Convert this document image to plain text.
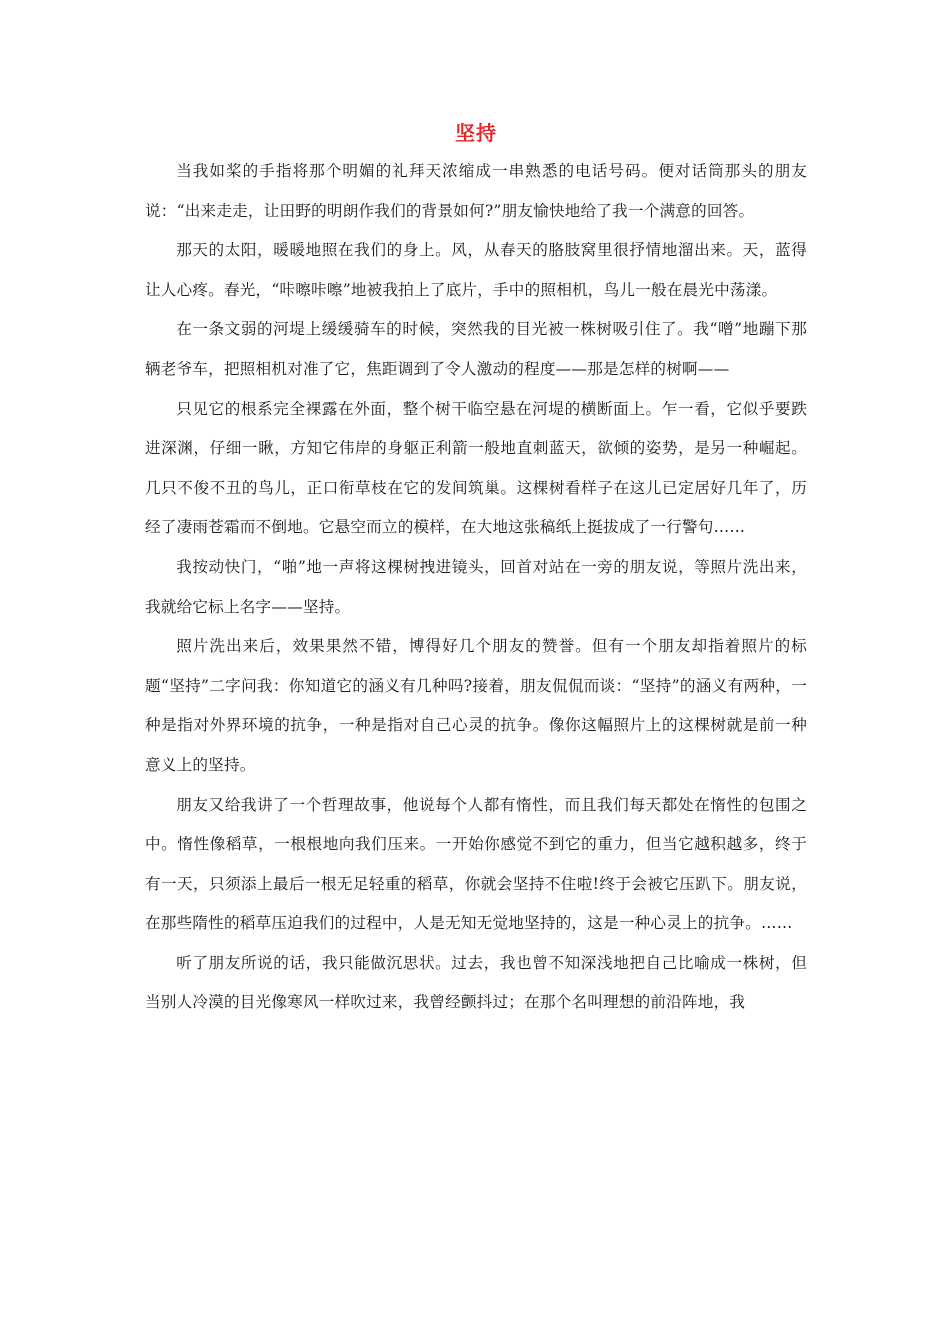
坚持

当我如桨的手指将那个明媚的礼拜天浓缩成一串熟悉的电话号码。便对话筒那头的朋友说：“出来走走，让田野的明朗作我们的背景如何?”朋友愉快地给了我一个满意的回答。

那天的太阳，暖暖地照在我们的身上。风，从春天的胳肢窝里很抒情地溜出来。天，蓝得让人心疼。春光，“咔嚓咔嚓”地被我拍上了底片，手中的照相机，鸟儿一般在晨光中荡漾。

在一条文弱的河堤上缓缓骑车的时候，突然我的目光被一株树吸引住了。我“噌”地蹦下那辆老爷车，把照相机对准了它，焦距调到了令人激动的程度——那是怎样的树啊——

只见它的根系完全裸露在外面，整个树干临空悬在河堤的横断面上。乍一看，它似乎要跌进深渊，仔细一瞅，方知它伟岸的身躯正利箭一般地直刺蓝天，欲倾的姿势，是另一种崛起。几只不俊不丑的鸟儿，正口衔草枝在它的发间筑巢。这棵树看样子在这儿已定居好几年了，历经了凄雨苍霜而不倒地。它悬空而立的模样，在大地这张稿纸上挺拔成了一行警句……

我按动快门，“啪”地一声将这棵树拽进镜头，回首对站在一旁的朋友说，等照片洗出来，我就给它标上名字——坚持。

照片洗出来后，效果果然不错，博得好几个朋友的赞誉。但有一个朋友却指着照片的标题“坚持”二字问我：你知道它的涵义有几种吗?接着，朋友侃侃而谈：“坚持”的涵义有两种，一种是指对外界环境的抗争，一种是指对自己心灵的抗争。像你这幅照片上的这棵树就是前一种意义上的坚持。

朋友又给我讲了一个哲理故事，他说每个人都有惰性，而且我们每天都处在惰性的包围之中。惰性像稻草，一根根地向我们压来。一开始你感觉不到它的重力，但当它越积越多，终于有一天，只须添上最后一根无足轻重的稻草，你就会坚持不住啦!终于会被它压趴下。朋友说，在那些隋性的稻草压迫我们的过程中，人是无知无觉地坚持的，这是一种心灵上的抗争。……

听了朋友所说的话，我只能做沉思状。过去，我也曾不知深浅地把自己比喻成一株树，但当别人冷漠的目光像寒风一样吹过来，我曾经颤抖过；在那个名叫理想的前沿阵地，我
